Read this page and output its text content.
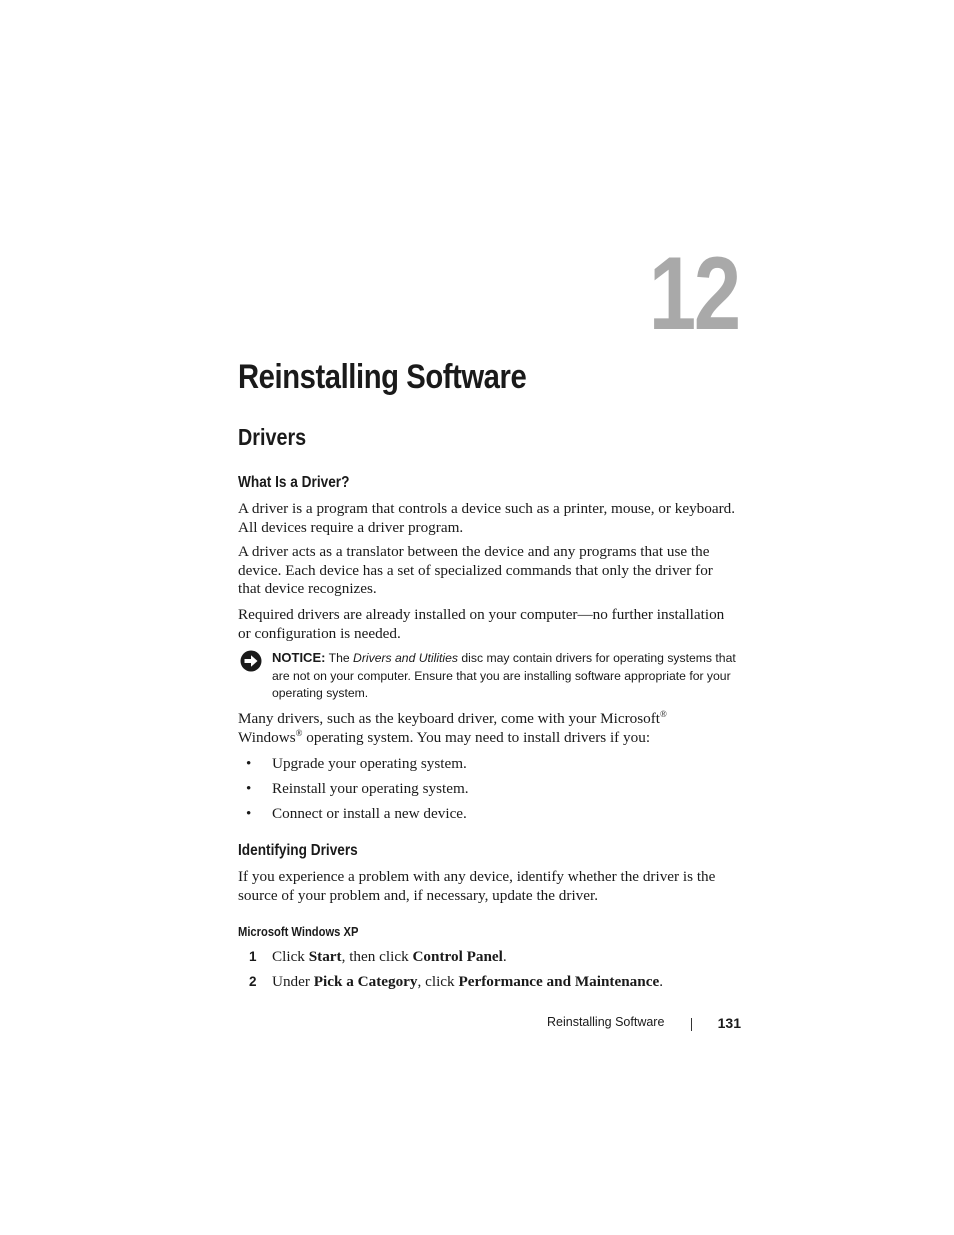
12
Reinstalling Software
Drivers
What Is a Driver?

A driver is a program that controls a device such as a printer, mouse, or keyboard. All devices require a driver program.

A driver acts as a translator between the device and any programs that use the device. Each device has a set of specialized commands that only the driver for that device recognizes.

Required drivers are already installed on your computer—no further installation or configuration is needed.

NOTICE: The Drivers and Utilities disc may contain drivers for operating systems that are not on your computer. Ensure that you are installing software appropriate for your operating system.

Many drivers, such as the keyboard driver, come with your Microsoft®
Windows® operating system. You may need to install drivers if you:

• Upgrade your operating system.
• Reinstall your operating system.
• Connect or install a new device.
Identifying Drivers

If you experience a problem with any device, identify whether the driver is the source of your problem and, if necessary, update the driver.

Microsoft Windows XP
1 Click Start, then click Control Panel.
2 Under Pick a Category, click Performance and Maintenance.
Reinstalling Software	131
